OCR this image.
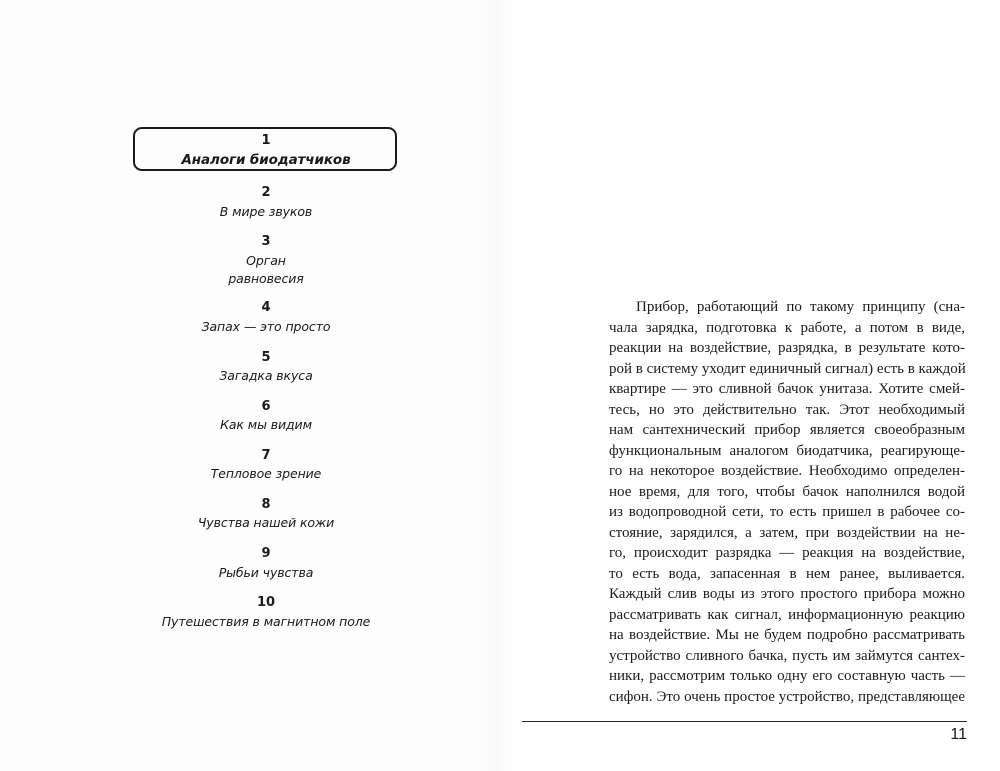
1
Аналоги биодатчиков
2
В мире звуков
3
Орган
равновесия
4
Запах — это просто
5
Загадка вкуса
6
Как мы видим
7
Тепловое зрение
8
Чувства нашей кожи
9
Рыбьи чувства
10
Путешествия в магнитном поле
Прибор, работающий по такому принципу (сна-
чала зарядка, подготовка к работе, а потом в виде,
реакции на воздействие, разрядка, в результате кото-
рой в систему уходит единичный сигнал) есть в каждой
квартире — это сливной бачок унитаза. Хотите смей-
тесь, но это действительно так. Этот необходимый
нам сантехнический прибор является своеобразным
функциональным аналогом биодатчика, реагирующе-
го на некоторое воздействие. Необходимо определен-
ное время, для того, чтобы бачок наполнился водой
из водопроводной сети, то есть пришел в рабочее со-
стояние, зарядился, а затем, при воздействии на не-
го, происходит разрядка — реакция на воздействие,
то есть вода, запасенная в нем ранее, выливается.
Каждый слив воды из этого простого прибора можно
рассматривать как сигнал, информационную реакцию
на воздействие. Мы не будем подробно рассматривать
устройство сливного бачка, пусть им займутся сантех-
ники, рассмотрим только одну его составную часть —
сифон. Это очень простое устройство, представляющее
11
